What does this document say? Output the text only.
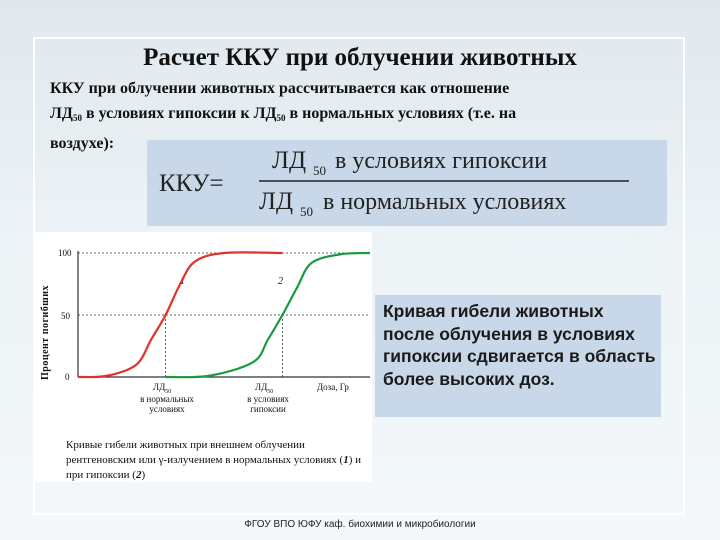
Расчет ККУ при облучении животных
ККУ при облучении животных рассчитывается как отношение
$ЛД_{50}$ в условиях гипоксии к $ЛД_{50}$ в нормальных условиях (т.е. на
воздухе):
ККУ=
ЛД 50 в условиях гипоксии
ЛД 50 в нормальных условиях
Процент погибших
100
50
0
Доза, Гр
1	2
$ЛД_{50}$
в нормальных
условиях
$ЛД_{50}$
в условиях
гипоксии
Кривые гибели животных при внешнем облучении рентгеновским или γ-излучением в нормальных условиях (1) и при гипоксии (2)
Кривая гибели животных после облучения в условиях гипоксии сдвигается в область более высоких доз.
ФГОУ ВПО ЮФУ каф. биохимии и микробиологии
